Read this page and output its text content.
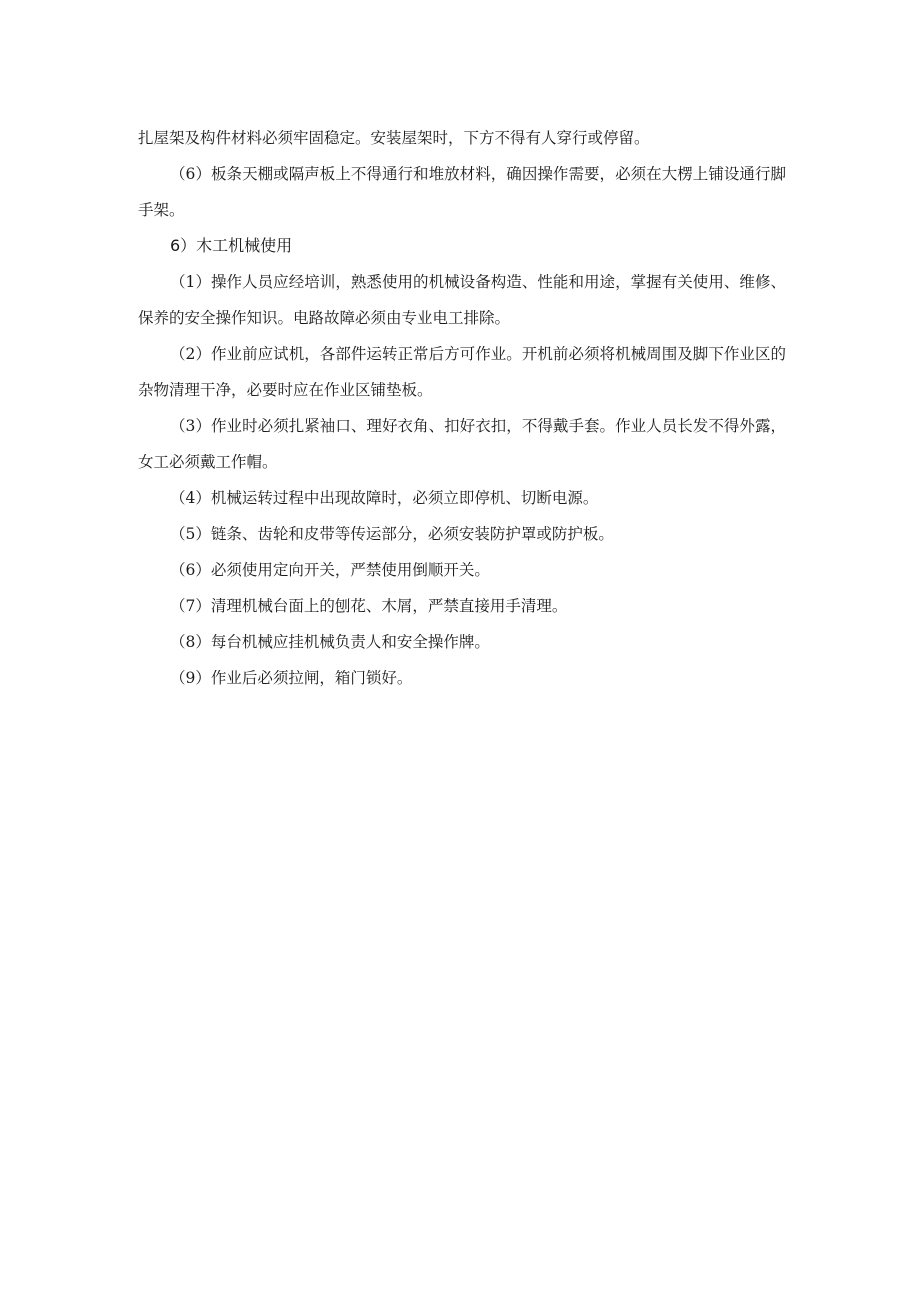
扎屋架及构件材料必须牢固稳定。安装屋架时，下方不得有人穿行或停留。

（6）板条天棚或隔声板上不得通行和堆放材料，确因操作需要，必须在大楞上铺设通行脚手架。

6）木工机械使用

（1）操作人员应经培训，熟悉使用的机械设备构造、性能和用途，掌握有关使用、维修、保养的安全操作知识。电路故障必须由专业电工排除。

（2）作业前应试机，各部件运转正常后方可作业。开机前必须将机械周围及脚下作业区的杂物清理干净，必要时应在作业区铺垫板。

（3）作业时必须扎紧袖口、理好衣角、扣好衣扣，不得戴手套。作业人员长发不得外露，女工必须戴工作帽。

（4）机械运转过程中出现故障时，必须立即停机、切断电源。

（5）链条、齿轮和皮带等传运部分，必须安装防护罩或防护板。

（6）必须使用定向开关，严禁使用倒顺开关。

（7）清理机械台面上的刨花、木屑，严禁直接用手清理。

（8）每台机械应挂机械负责人和安全操作牌。

（9）作业后必须拉闸，箱门锁好。
